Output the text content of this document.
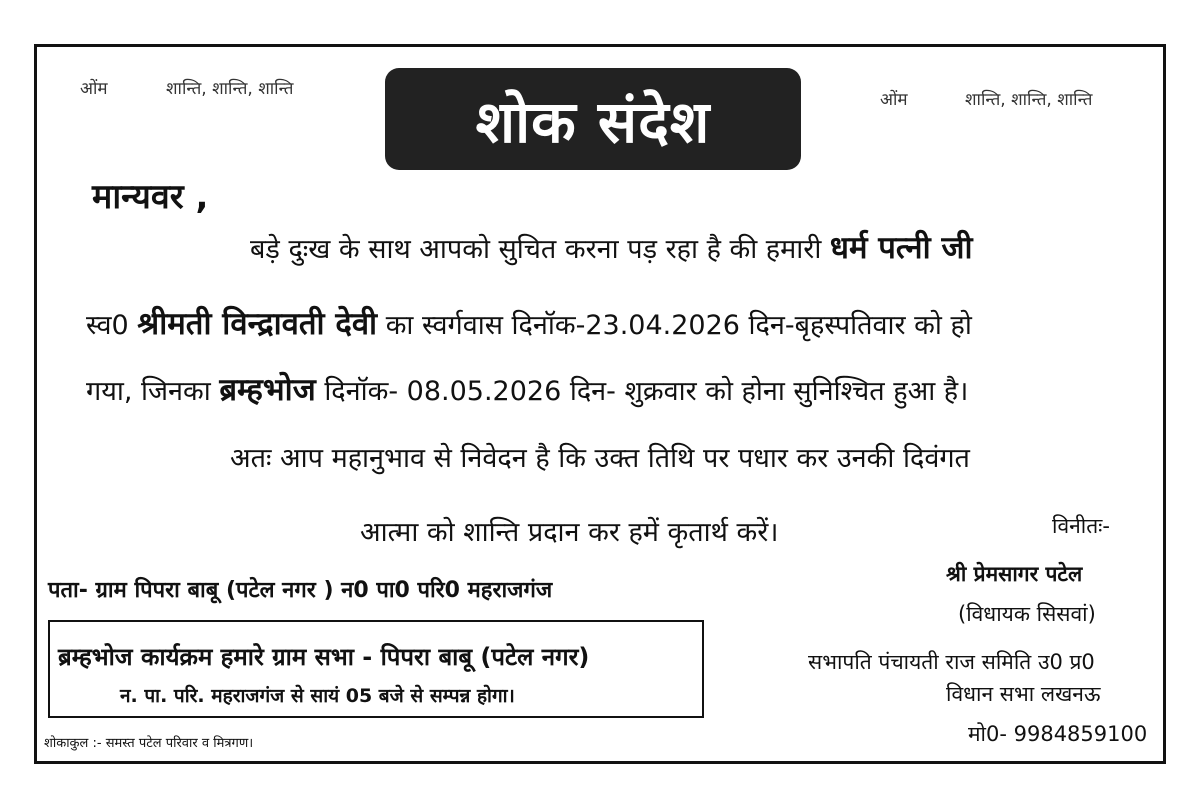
ओंम	शान्ति, शान्ति, शान्ति
ओंम	शान्ति, शान्ति, शान्ति
शोक संदेश
मान्यवर ,
बड़े दुःख के साथ आपको सुचित करना पड़ रहा है की हमारी धर्म पत्नी जी
स्व0 श्रीमती विन्द्रावती देवी का स्वर्गवास दिनॉक-23.04.2026 दिन-बृहस्पतिवार को हो
गया, जिनका ब्रम्हभोज दिनॉक- 08.05.2026 दिन- शुक्रवार को होना सुनिश्चित हुआ है।
अतः आप महानुभाव से निवेदन है कि उक्त तिथि पर पधार कर उनकी दिवंगत
आत्मा को शान्ति प्रदान कर हमें कृतार्थ करें।
पता- ग्राम पिपरा बाबू (पटेल नगर ) न0 पा0 परि0 महराजगंज
ब्रम्हभोज कार्यक्रम हमारे ग्राम सभा - पिपरा बाबू (पटेल नगर)
न. पा. परि. महराजगंज से सायं 05 बजे से सम्पन्न होगा।
शोकाकुल :- समस्त पटेल परिवार व मित्रगण।
विनीतः-
श्री प्रेमसागर पटेल
(विधायक सिसवां)
सभापति पंचायती राज समिति उ0 प्र0
विधान सभा लखनऊ
मो0- 9984859100
